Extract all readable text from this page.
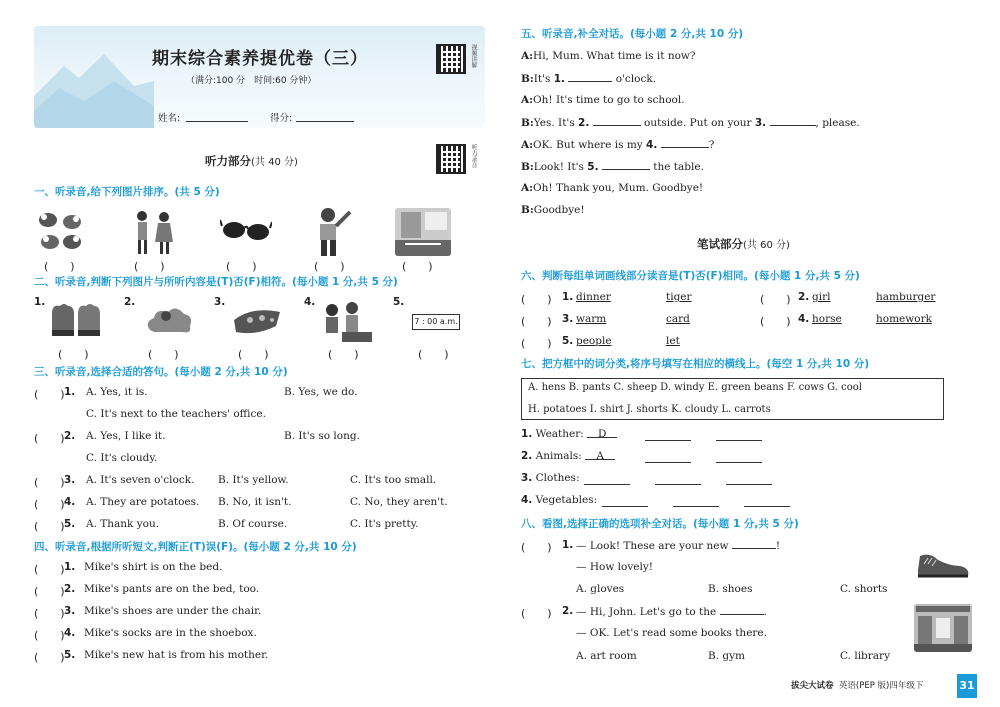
期末综合素养提优卷（三）
（满分:100 分　时间:60 分钟）
姓名:	得分:
视频讲解
听力录音
听力部分(共 40 分)
一、听录音,给下列图片排序。(共 5 分)
(　　)	(　　)	(　　)	(　　)	(　　)
二、听录音,判断下列图片与所听内容是(T)否(F)相符。(每小题 1 分,共 5 分)
1.	2.	3.	4.	5.
7 : 00 a.m.
(　　)	(　　)	(　　)	(　　)	(　　)
三、听录音,选择合适的答句。(每小题 2 分,共 10 分)
(　　) 1. A. Yes, it is.	B. Yes, we do.
C. It's next to the teachers' office.
(　　) 2. A. Yes, I like it.	B. It's so long.
C. It's cloudy.
(　　) 3. A. It's seven o'clock. B. It's yellow.	C. It's too small.
(　　) 4. A. They are potatoes. B. No, it isn't.	C. No, they aren't.
(　　) 5. A. Thank you.	B. Of course.	C. It's pretty.
四、听录音,根据所听短文,判断正(T)误(F)。(每小题 2 分,共 10 分)
(　　) 1. Mike's shirt is on the bed.
(　　) 2. Mike's pants are on the bed, too.
(　　) 3. Mike's shoes are under the chair.
(　　) 4. Mike's socks are in the shoebox.
(　　) 5. Mike's new hat is from his mother.
五、听录音,补全对话。(每小题 2 分,共 10 分)
A:Hi, Mum. What time is it now?
B:It's 1.	o'clock.
A:Oh! It's time to go to school.
B:Yes. It's 2.	outside. Put on your 3.	, please.
A:OK. But where is my 4.	?
B:Look! It's 5.	the table.
A:Oh! Thank you, Mum. Goodbye!
B:Goodbye!
笔试部分(共 60 分)
六、判断每组单词画线部分读音是(T)否(F)相同。(每小题 1 分,共 5 分)
(　　) 1. dinner	tiger	(　　) 2. girl	hamburger
(　　) 3. warm	card	(　　) 4. horse	homework
(　　) 5. people	let
七、把方框中的词分类,将序号填写在相应的横线上。(每空 1 分,共 10 分)
A. hens B. pants C. sheep D. windy E. green beans F. cows G. cool
H. potatoes I. shirt J. shorts K. cloudy L. carrots
1. Weather: D
2. Animals: A
3. Clothes:
4. Vegetables:
八、看图,选择正确的选项补全对话。(每小题 1 分,共 5 分)
(　　) 1. — Look! These are your new	!
— How lovely!
A. gloves	B. shoes	C. shorts
(　　) 2. — Hi, John. Let's go to the	.
— OK. Let's read some books there.
A. art room	B. gym	C. library
拔尖大试卷 英语(PEP 版)四年级下	31
